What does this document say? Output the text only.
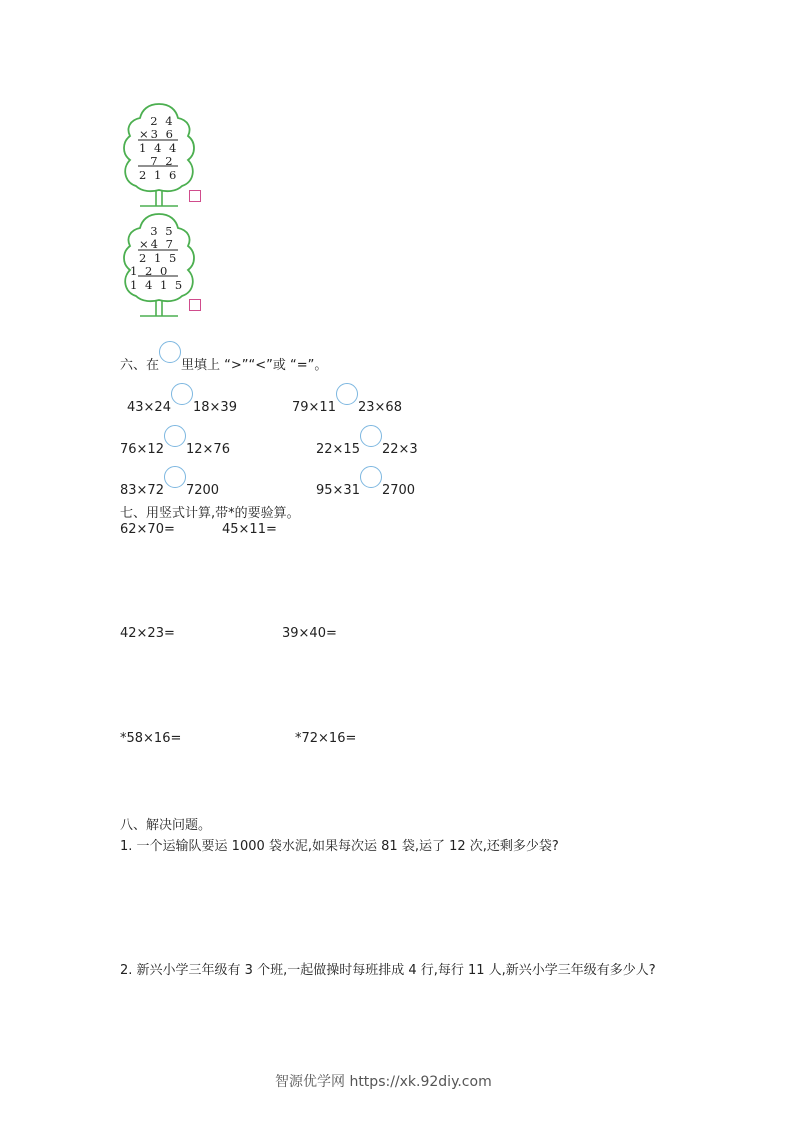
2 4
×3 6
1 4 4
7 2
2 1 6
3 5
×4 7
2 1 5
1 2 0
1 4 1 5
六、在 里填上 “>”“<”或 “=”。
43×24 18×39	79×11 23×68
76×12 12×76	22×15 22×3
83×72 7200	95×31 2700
七、用竖式计算,带*的要验算。
62×70=	45×11=
42×23=	39×40=
*58×16=	*72×16=
八、解决问题。
1. 一个运输队要运 1000 袋水泥,如果每次运 81 袋,运了 12 次,还剩多少袋?
2. 新兴小学三年级有 3 个班,一起做操时每班排成 4 行,每行 11 人,新兴小学三年级有多少人?
智源优学网 https://xk.92diy.com
